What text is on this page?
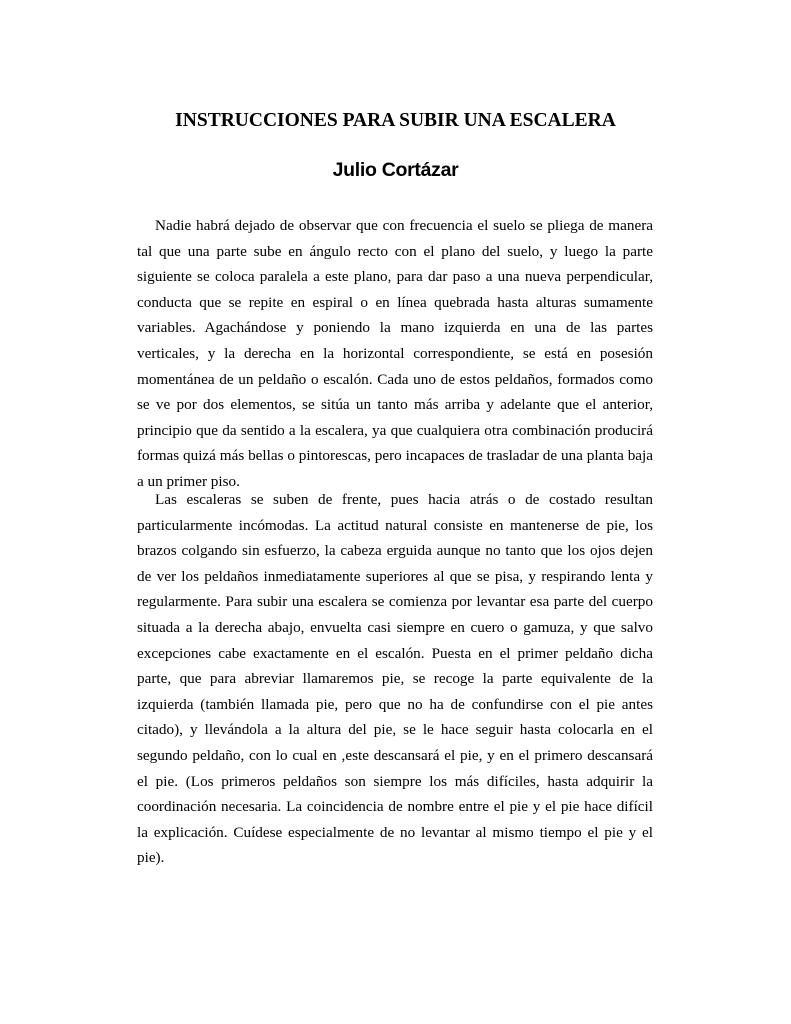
INSTRUCCIONES PARA SUBIR UNA ESCALERA
Julio Cortázar

Nadie habrá dejado de observar que con frecuencia el suelo se pliega de manera tal que una parte sube en ángulo recto con el plano del suelo, y luego la parte siguiente se coloca paralela a este plano, para dar paso a una nueva perpendicular, conducta que se repite en espiral o en línea quebrada hasta alturas sumamente variables. Agachándose y poniendo la mano izquierda en una de las partes verticales, y la derecha en la horizontal correspondiente, se está en posesión momentánea de un peldaño o escalón. Cada uno de estos peldaños, formados como se ve por dos elementos, se sitúa un tanto más arriba y adelante que el anterior, principio que da sentido a la escalera, ya que cualquiera otra combinación producirá formas quizá más bellas o pintorescas, pero incapaces de trasladar de una planta baja a un primer piso.

Las escaleras se suben de frente, pues hacia atrás o de costado resultan particularmente incómodas. La actitud natural consiste en mantenerse de pie, los brazos colgando sin esfuerzo, la cabeza erguida aunque no tanto que los ojos dejen de ver los peldaños inmediatamente superiores al que se pisa, y respirando lenta y regularmente. Para subir una escalera se comienza por levantar esa parte del cuerpo situada a la derecha abajo, envuelta casi siempre en cuero o gamuza, y que salvo excepciones cabe exactamente en el escalón. Puesta en el primer peldaño dicha parte, que para abreviar llamaremos pie, se recoge la parte equivalente de la izquierda (también llamada pie, pero que no ha de confundirse con el pie antes citado), y llevándola a la altura del pie, se le hace seguir hasta colocarla en el segundo peldaño, con lo cual en ,este descansará el pie, y en el primero descansará el pie. (Los primeros peldaños son siempre los más difíciles, hasta adquirir la coordinación necesaria. La coincidencia de nombre entre el pie y el pie hace difícil la explicación. Cuídese especialmente de no levantar al mismo tiempo el pie y el pie).
